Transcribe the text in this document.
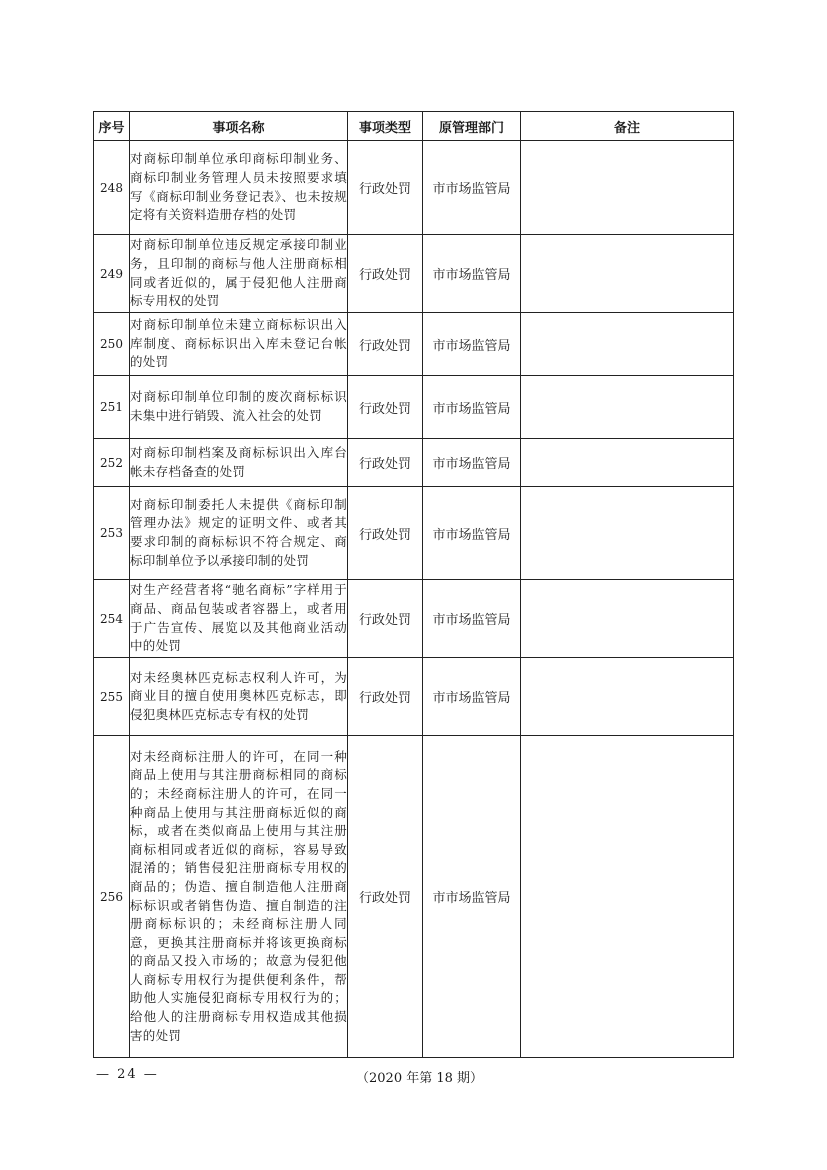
序号	事项名称	事项类型	原管理部门	备注
248	对商标印制单位承印商标印制业务、商标印制业务管理人员未按照要求填写《商标印制业务登记表》、也未按规定将有关资料造册存档的处罚	行政处罚	市市场监管局	
249	对商标印制单位违反规定承接印制业务，且印制的商标与他人注册商标相同或者近似的，属于侵犯他人注册商标专用权的处罚	行政处罚	市市场监管局	
250	对商标印制单位未建立商标标识出入库制度、商标标识出入库未登记台帐的处罚	行政处罚	市市场监管局	
251	对商标印制单位印制的废次商标标识未集中进行销毁、流入社会的处罚	行政处罚	市市场监管局	
252	对商标印制档案及商标标识出入库台帐未存档备查的处罚	行政处罚	市市场监管局	
253	对商标印制委托人未提供《商标印制管理办法》规定的证明文件、或者其要求印制的商标标识不符合规定、商标印制单位予以承接印制的处罚	行政处罚	市市场监管局	
254	对生产经营者将“驰名商标”字样用于商品、商品包装或者容器上，或者用于广告宣传、展览以及其他商业活动中的处罚	行政处罚	市市场监管局	
255	对未经奥林匹克标志权利人许可，为商业目的擅自使用奥林匹克标志，即侵犯奥林匹克标志专有权的处罚	行政处罚	市市场监管局	
256	对未经商标注册人的许可，在同一种商品上使用与其注册商标相同的商标的；未经商标注册人的许可，在同一种商品上使用与其注册商标近似的商标，或者在类似商品上使用与其注册商标相同或者近似的商标，容易导致混淆的；销售侵犯注册商标专用权的商品的；伪造、擅自制造他人注册商标标识或者销售伪造、擅自制造的注册商标标识的；未经商标注册人同意，更换其注册商标并将该更换商标的商品又投入市场的；故意为侵犯他人商标专用权行为提供便利条件，帮助他人实施侵犯商标专用权行为的；给他人的注册商标专用权造成其他损害的处罚	行政处罚	市市场监管局	
— 24 —	（2020 年第 18 期）
